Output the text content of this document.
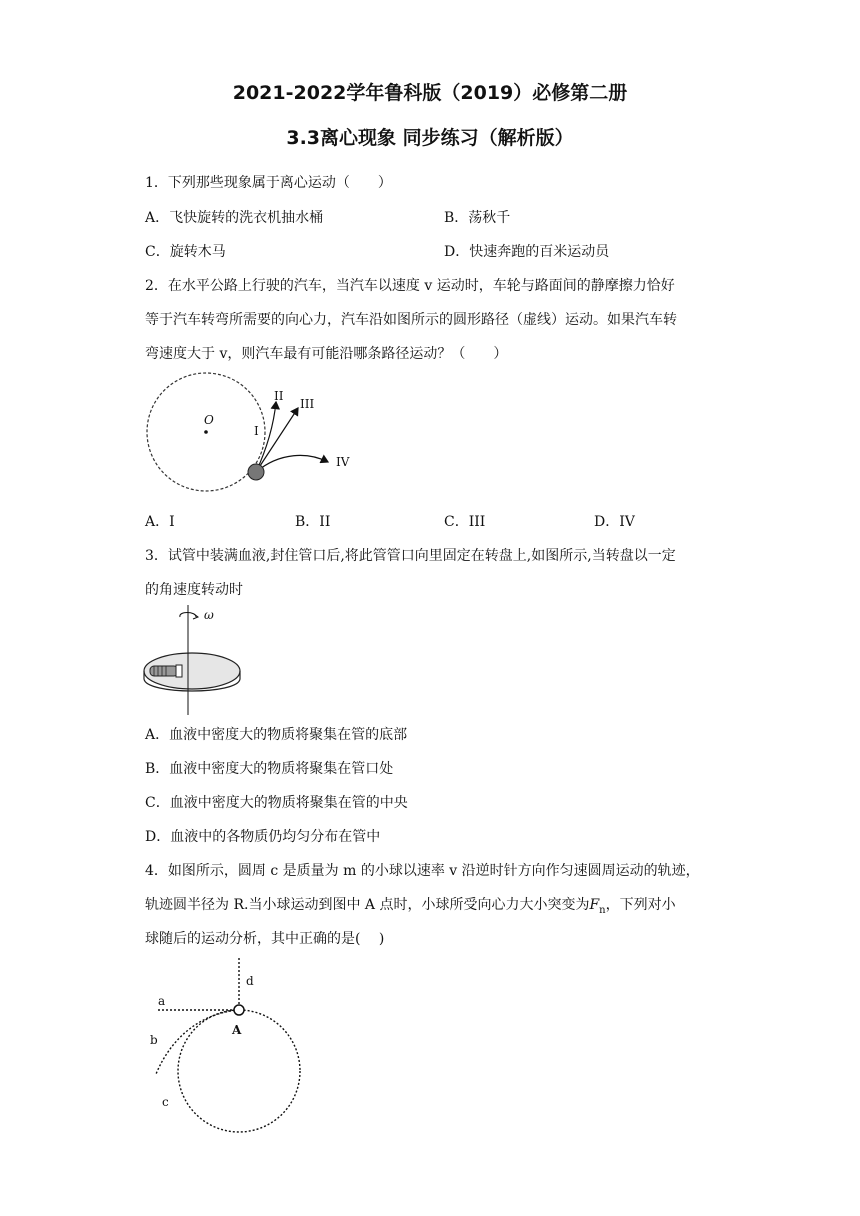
2021-2022学年鲁科版（2019）必修第二册
3.3离心现象 同步练习（解析版）
1．下列那些现象属于离心运动（　　）
A．飞快旋转的洗衣机抽水桶	B．荡秋千
C．旋转木马	D．快速奔跑的百米运动员
2．在水平公路上行驶的汽车，当汽车以速度 v 运动时，车轮与路面间的静摩擦力恰好
等于汽车转弯所需要的向心力，汽车沿如图所示的圆形路径（虚线）运动。如果汽车转
弯速度大于 v，则汽车最有可能沿哪条路径运动？（　　）
O
I
II
III
IV
A．I	B．II	C．III	D．IV
3．试管中装满血液,封住管口后,将此管管口向里固定在转盘上,如图所示,当转盘以一定
的角速度转动时
ω
A．血液中密度大的物质将聚集在管的底部
B．血液中密度大的物质将聚集在管口处
C．血液中密度大的物质将聚集在管的中央
D．血液中的各物质仍均匀分布在管中
4．如图所示，圆周 c 是质量为 m 的小球以速率 v 沿逆时针方向作匀速圆周运动的轨迹，
轨迹圆半径为 R.当小球运动到图中 A 点时，小球所受向心力大小突变为$F_n$，下列对小
球随后的运动分析，其中正确的是(　 )
a
b
c
d
A
